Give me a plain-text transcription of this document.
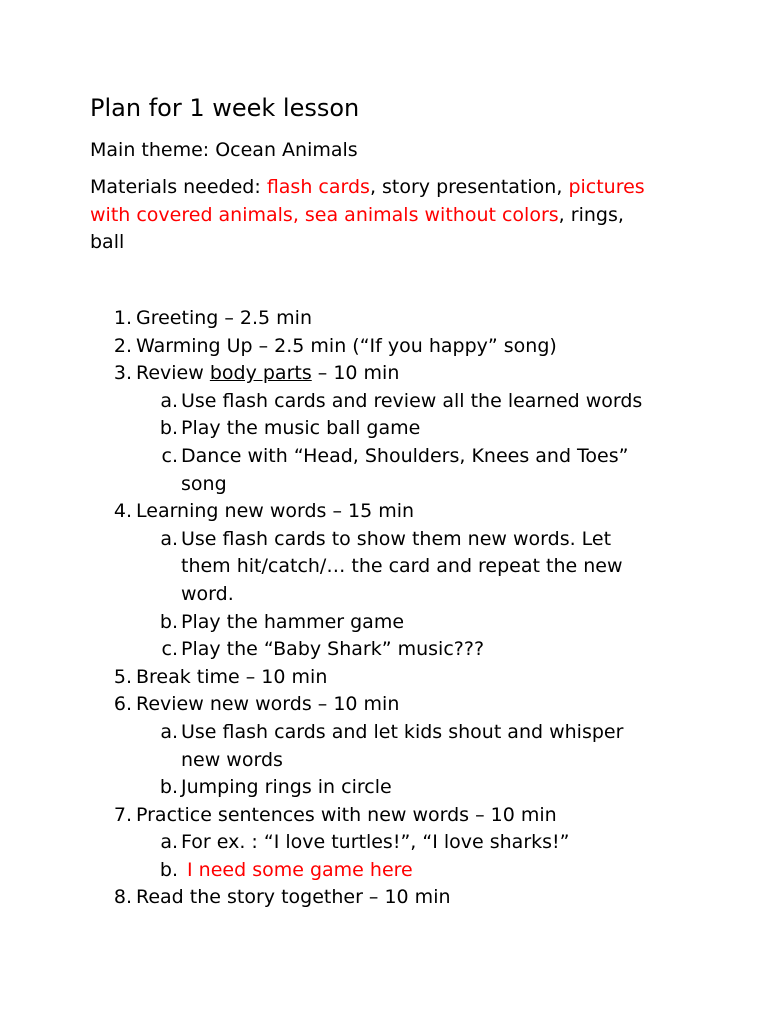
Plan for 1 week lesson
Main theme: Ocean Animals
Materials needed: flash cards, story presentation, pictures
with covered animals, sea animals without colors, rings,
ball
1. Greeting – 2.5 min
2. Warming Up – 2.5 min (“If you happy” song)
3. Review body parts – 10 min
a. Use flash cards and review all the learned words
b. Play the music ball game
c. Dance with “Head, Shoulders, Knees and Toes”
song
4. Learning new words – 15 min
a. Use flash cards to show them new words. Let
them hit/catch/… the card and repeat the new
word.
b. Play the hammer game
c. Play the “Baby Shark” music???
5. Break time – 10 min
6. Review new words – 10 min
a. Use flash cards and let kids shout and whisper
new words
b. Jumping rings in circle
7. Practice sentences with new words – 10 min
a. For ex. : “I love turtles!”, “I love sharks!”
b. I need some game here
8. Read the story together – 10 min
